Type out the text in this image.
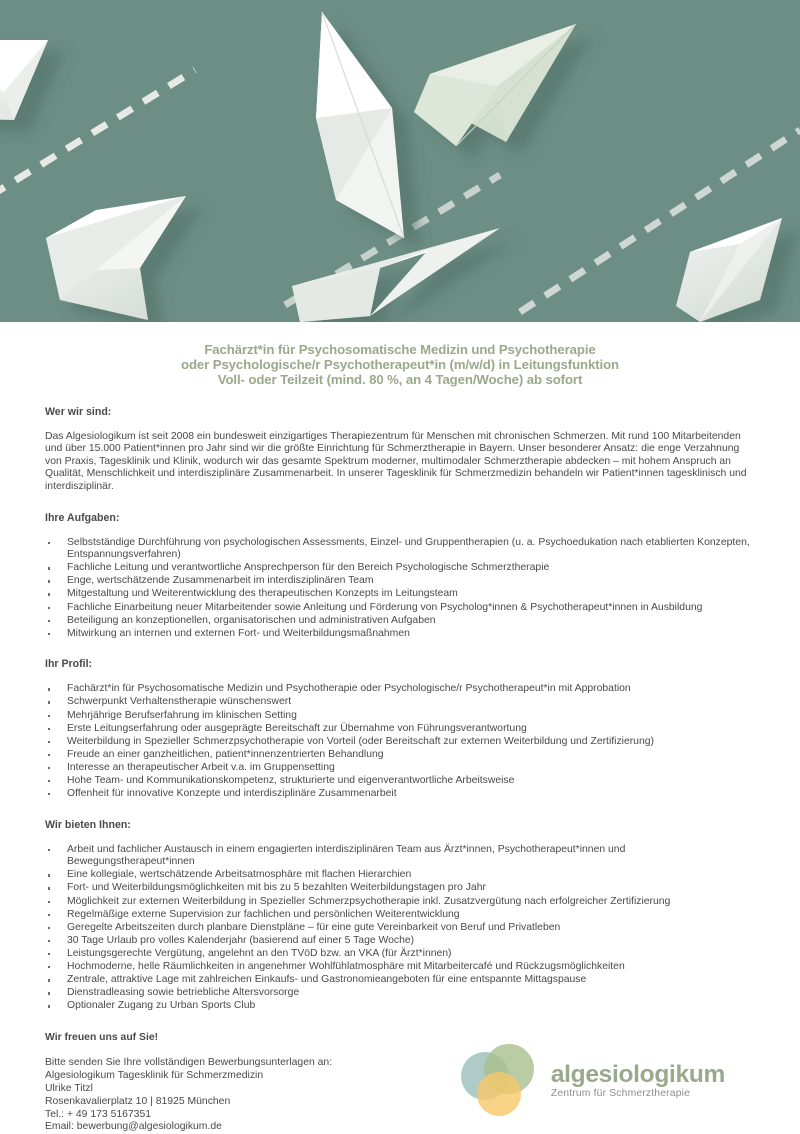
Fachärzt*in für Psychosomatische Medizin und Psychotherapie
oder Psychologische/r Psychotherapeut*in (m/w/d) in Leitungsfunktion
Voll- oder Teilzeit (mind. 80 %, an 4 Tagen/Woche) ab sofort
Wer wir sind:

Das Algesiologikum ist seit 2008 ein bundesweit einzigartiges Therapiezentrum für Menschen mit chronischen Schmerzen. Mit rund 100 Mitarbeitenden und über 15.000 Patient*innen pro Jahr sind wir die größte Einrichtung für Schmerztherapie in Bayern. Unser besonderer Ansatz: die enge Verzahnung von Praxis, Tagesklinik und Klinik, wodurch wir das gesamte Spektrum moderner, multimodaler Schmerztherapie abdecken – mit hohem Anspruch an Qualität, Menschlichkeit und interdisziplinäre Zusammenarbeit. In unserer Tagesklinik für Schmerzmedizin behandeln wir Patient*innen tagesklinisch und interdisziplinär.

Ihre Aufgaben:
Selbstständige Durchführung von psychologischen Assessments, Einzel- und Gruppentherapien (u. a. Psychoedukation nach etablierten Konzepten, Entspannungsverfahren)
Fachliche Leitung und verantwortliche Ansprechperson für den Bereich Psychologische Schmerztherapie
Enge, wertschätzende Zusammenarbeit im interdisziplinären Team
Mitgestaltung und Weiterentwicklung des therapeutischen Konzepts im Leitungsteam
Fachliche Einarbeitung neuer Mitarbeitender sowie Anleitung und Förderung von Psycholog*innen & Psychotherapeut*innen in Ausbildung
Beteiligung an konzeptionellen, organisatorischen und administrativen Aufgaben
Mitwirkung an internen und externen Fort- und Weiterbildungsmaßnahmen
Ihr Profil:
Fachärzt*in für Psychosomatische Medizin und Psychotherapie oder Psychologische/r Psychotherapeut*in mit Approbation
Schwerpunkt Verhaltenstherapie wünschenswert
Mehrjährige Berufserfahrung im klinischen Setting
Erste Leitungserfahrung oder ausgeprägte Bereitschaft zur Übernahme von Führungsverantwortung
Weiterbildung in Spezieller Schmerzpsychotherapie von Vorteil (oder Bereitschaft zur externen Weiterbildung und Zertifizierung)
Freude an einer ganzheitlichen, patient*innenzentrierten Behandlung
Interesse an therapeutischer Arbeit v.a. im Gruppensetting
Hohe Team- und Kommunikationskompetenz, strukturierte und eigenverantwortliche Arbeitsweise
Offenheit für innovative Konzepte und interdisziplinäre Zusammenarbeit
Wir bieten Ihnen:
Arbeit und fachlicher Austausch in einem engagierten interdisziplinären Team aus Ärzt*innen, Psychotherapeut*innen und Bewegungstherapeut*innen
Eine kollegiale, wertschätzende Arbeitsatmosphäre mit flachen Hierarchien
Fort- und Weiterbildungsmöglichkeiten mit bis zu 5 bezahlten Weiterbildungstagen pro Jahr
Möglichkeit zur externen Weiterbildung in Spezieller Schmerzpsychotherapie inkl. Zusatzvergütung nach erfolgreicher Zertifizierung
Regelmäßige externe Supervision zur fachlichen und persönlichen Weiterentwicklung
Geregelte Arbeitszeiten durch planbare Dienstpläne – für eine gute Vereinbarkeit von Beruf und Privatleben
30 Tage Urlaub pro volles Kalenderjahr (basierend auf einer 5 Tage Woche)
Leistungsgerechte Vergütung, angelehnt an den TVöD bzw. an VKA (für Ärzt*innen)
Hochmoderne, helle Räumlichkeiten in angenehmer Wohlfühlatmosphäre mit Mitarbeitercafé und Rückzugsmöglichkeiten
Zentrale, attraktive Lage mit zahlreichen Einkaufs- und Gastronomieangeboten für eine entspannte Mittagspause
Dienstradleasing sowie betriebliche Altersvorsorge
Optionaler Zugang zu Urban Sports Club
Wir freuen uns auf Sie!
Bitte senden Sie Ihre vollständigen Bewerbungsunterlagen an:
Algesiologikum Tagesklinik für Schmerzmedizin
Ulrike Titzl
Rosenkavalierplatz 10 | 81925 München
Tel.: + 49 173 5167351
Email: bewerbung@algesiologikum.de
algesiologikum
Zentrum für Schmerztherapie
